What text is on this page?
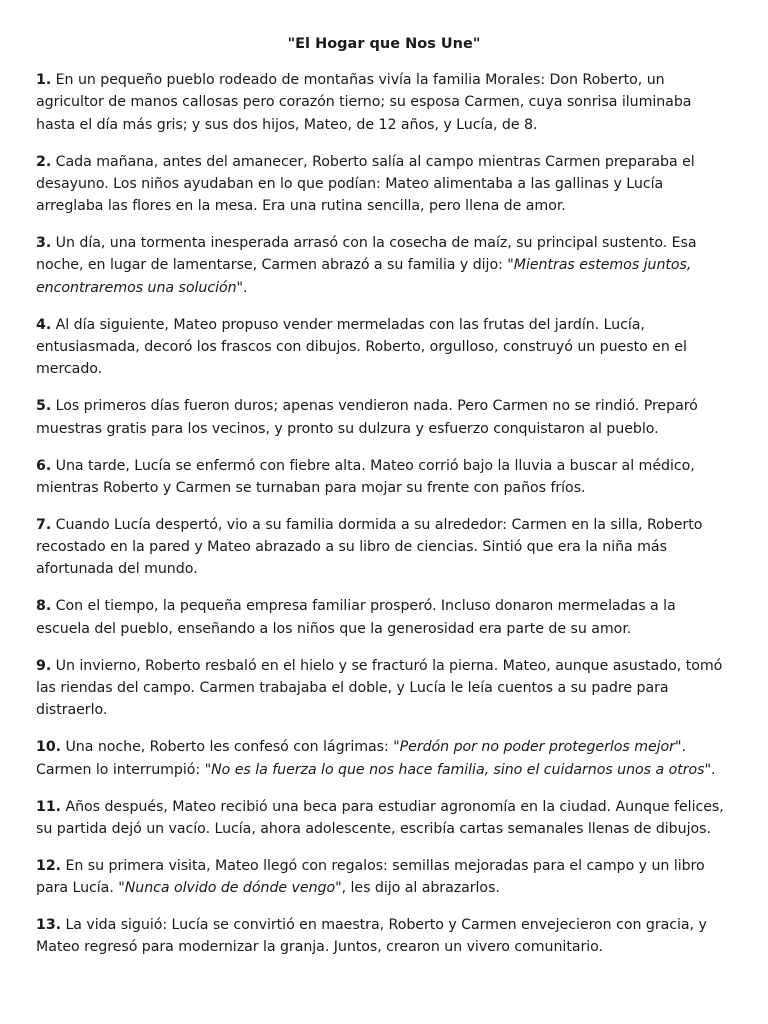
"El Hogar que Nos Une"

1. En un pequeño pueblo rodeado de montañas vivía la familia Morales: Don Roberto, un agricultor de manos callosas pero corazón tierno; su esposa Carmen, cuya sonrisa iluminaba hasta el día más gris; y sus dos hijos, Mateo, de 12 años, y Lucía, de 8.

2. Cada mañana, antes del amanecer, Roberto salía al campo mientras Carmen preparaba el desayuno. Los niños ayudaban en lo que podían: Mateo alimentaba a las gallinas y Lucía arreglaba las flores en la mesa. Era una rutina sencilla, pero llena de amor.

3. Un día, una tormenta inesperada arrasó con la cosecha de maíz, su principal sustento. Esa noche, en lugar de lamentarse, Carmen abrazó a su familia y dijo: "Mientras estemos juntos, encontraremos una solución".

4. Al día siguiente, Mateo propuso vender mermeladas con las frutas del jardín. Lucía, entusiasmada, decoró los frascos con dibujos. Roberto, orgulloso, construyó un puesto en el mercado.

5. Los primeros días fueron duros; apenas vendieron nada. Pero Carmen no se rindió. Preparó muestras gratis para los vecinos, y pronto su dulzura y esfuerzo conquistaron al pueblo.

6. Una tarde, Lucía se enfermó con fiebre alta. Mateo corrió bajo la lluvia a buscar al médico, mientras Roberto y Carmen se turnaban para mojar su frente con paños fríos.

7. Cuando Lucía despertó, vio a su familia dormida a su alrededor: Carmen en la silla, Roberto recostado en la pared y Mateo abrazado a su libro de ciencias. Sintió que era la niña más afortunada del mundo.

8. Con el tiempo, la pequeña empresa familiar prosperó. Incluso donaron mermeladas a la escuela del pueblo, enseñando a los niños que la generosidad era parte de su amor.

9. Un invierno, Roberto resbaló en el hielo y se fracturó la pierna. Mateo, aunque asustado, tomó las riendas del campo. Carmen trabajaba el doble, y Lucía le leía cuentos a su padre para distraerlo.

10. Una noche, Roberto les confesó con lágrimas: "Perdón por no poder protegerlos mejor". Carmen lo interrumpió: "No es la fuerza lo que nos hace familia, sino el cuidarnos unos a otros".

11. Años después, Mateo recibió una beca para estudiar agronomía en la ciudad. Aunque felices, su partida dejó un vacío. Lucía, ahora adolescente, escribía cartas semanales llenas de dibujos.

12. En su primera visita, Mateo llegó con regalos: semillas mejoradas para el campo y un libro para Lucía. "Nunca olvido de dónde vengo", les dijo al abrazarlos.

13. La vida siguió: Lucía se convirtió en maestra, Roberto y Carmen envejecieron con gracia, y Mateo regresó para modernizar la granja. Juntos, crearon un vivero comunitario.
